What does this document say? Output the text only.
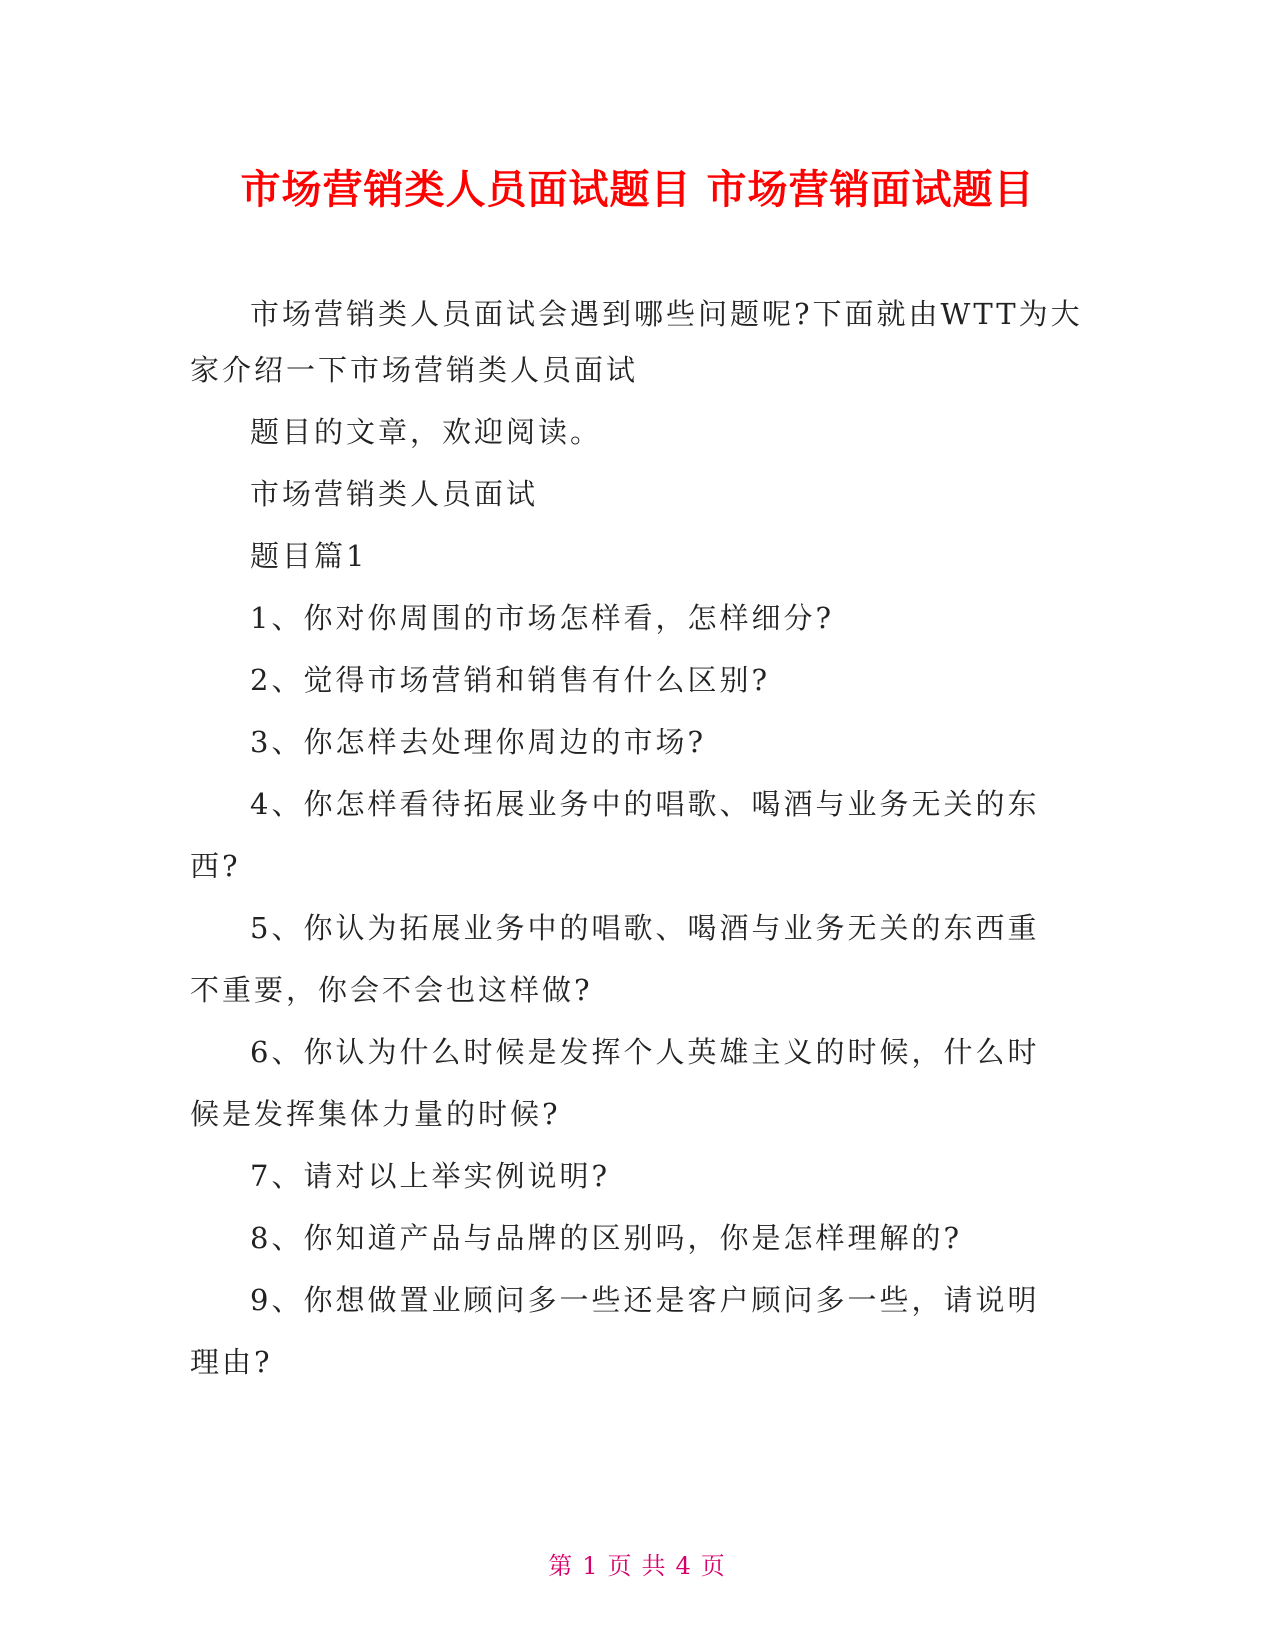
市场营销类人员面试题目 市场营销面试题目
市场营销类人员面试会遇到哪些问题呢?下面就由WTT为大
家介绍一下市场营销类人员面试
题目的文章，欢迎阅读。
市场营销类人员面试
题目篇1
1、你对你周围的市场怎样看，怎样细分?
2、觉得市场营销和销售有什么区别?
3、你怎样去处理你周边的市场?
4、你怎样看待拓展业务中的唱歌、喝酒与业务无关的东
西?
5、你认为拓展业务中的唱歌、喝酒与业务无关的东西重
不重要，你会不会也这样做?
6、你认为什么时候是发挥个人英雄主义的时候，什么时
候是发挥集体力量的时候?
7、请对以上举实例说明?
8、你知道产品与品牌的区别吗，你是怎样理解的?
9、你想做置业顾问多一些还是客户顾问多一些，请说明
理由?
第 1 页 共 4 页
